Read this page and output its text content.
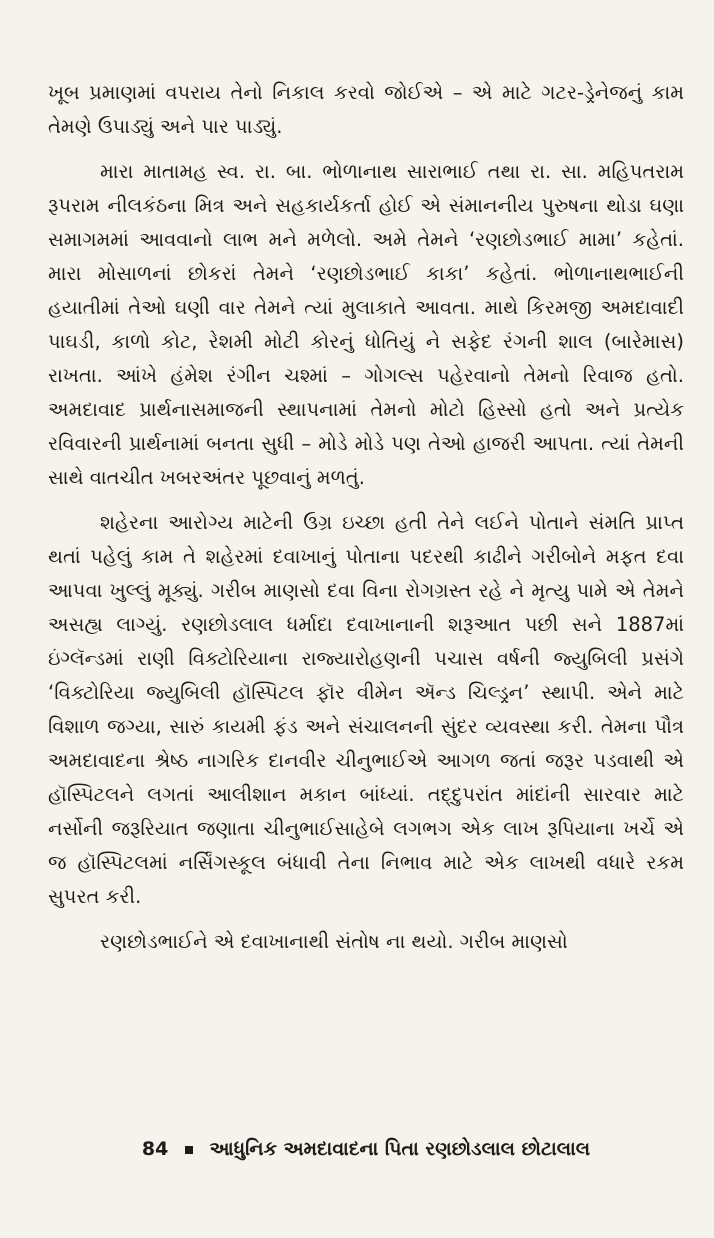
ખૂબ પ્રમાણમાં વપરાય તેનો નિકાલ કરવો જોઈએ – એ માટે ગટર-ડ્રેનેજનું કામ તેમણે ઉપાડ્યું અને પાર પાડ્યું.

મારા માતામહ સ્વ. રા. બા. ભોળાનાથ સારાભાઈ તથા રા. સા. મહિપતરામ રૂપરામ નીલકંઠના મિત્ર અને સહકાર્યકર્તા હોઈ એ સંમાનનીય પુરુષના થોડા ઘણા સમાગમમાં આવવાનો લાભ મને મળેલો. અમે તેમને ‘રણછોડભાઈ મામા’ કહેતાં. મારા મોસાળનાં છોકરાં તેમને ‘રણછોડભાઈ કાકા’ કહેતાં. ભોળાનાથભાઈની હયાતીમાં તેઓ ઘણી વાર તેમને ત્યાં મુલાકાતે આવતા. માથે કિરમજી અમદાવાદી પાઘડી, કાળો કોટ, રેશમી મોટી કોરનું ધોતિયું ને સફેદ રંગની શાલ (બારેમાસ) રાખતા. આંખે હંમેશ રંગીન ચશ્માં – ગોગલ્સ પહેરવાનો તેમનો રિવાજ હતો. અમદાવાદ પ્રાર્થનાસમાજની સ્થાપનામાં તેમનો મોટો હિસ્સો હતો અને પ્રત્યેક રવિવારની પ્રાર્થનામાં બનતા સુધી – મોડે મોડે પણ તેઓ હાજરી આપતા. ત્યાં તેમની સાથે વાતચીત ખબરઅંતર પૂછવાનું મળતું.

શહેરના આરોગ્ય માટેની ઉગ્ર ઇચ્છા હતી તેને લઈને પોતાને સંમતિ પ્રાપ્ત થતાં પહેલું કામ તે શહેરમાં દવાખાનું પોતાના પદરથી કાઢીને ગરીબોને મફત દવા આપવા ખુલ્લું મૂક્યું. ગરીબ માણસો દવા વિના રોગગ્રસ્ત રહે ને મૃત્યુ પામે એ તેમને અસહ્ય લાગ્યું. રણછોડલાલ ધર્માદા દવાખાનાની શરૂઆત પછી સને 1887માં ઇંગ્લૅન્ડમાં રાણી વિક્ટોરિયાના રાજ્યારોહણની પચાસ વર્ષની જ્યુબિલી પ્રસંગે ‘વિક્ટોરિયા જ્યુબિલી હૉસ્પિટલ ફૉર વીમેન ઍન્ડ ચિલ્ડ્રન’ સ્થાપી. એને માટે વિશાળ જગ્યા, સારું કાયમી ફંડ અને સંચાલનની સુંદર વ્યવસ્થા કરી. તેમના પૌત્ર અમદાવાદના શ્રેષ્ઠ નાગરિક દાનવીર ચીનુભાઈએ આગળ જતાં જરૂર પડવાથી એ હૉસ્પિટલને લગતાં આલીશાન મકાન બાંધ્યાં. તદ્દુપરાંત માંદાંની સારવાર માટે નર્સોની જરૂરિયાત જણાતા ચીનુભાઈસાહેબે લગભગ એક લાખ રૂપિયાના ખર્ચે એ જ હૉસ્પિટલમાં નર્સિંગસ્કૂલ બંધાવી તેના નિભાવ માટે એક લાખથી વધારે રકમ સુપરત કરી.

રણછોડભાઈને એ દવાખાનાથી સંતોષ ના થયો. ગરીબ માણસો

84 આધુનિક અમદાવાદના પિતા રણછોડલાલ છોટાલાલ
